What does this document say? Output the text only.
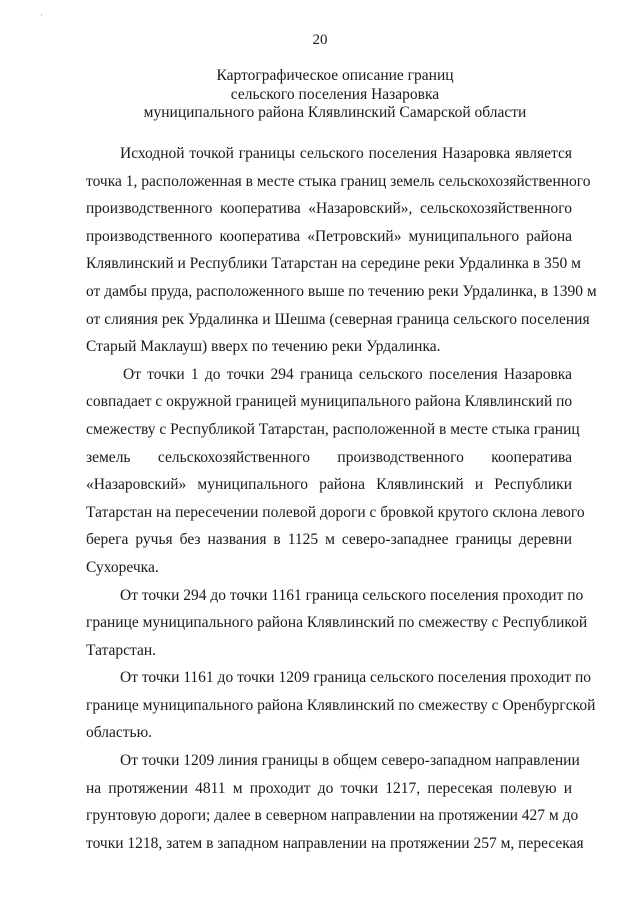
·
20
Картографическое описание границ
сельского поселения Назаровка
муниципального района Клявлинский Самарской области
Исходной точкой границы сельского поселения Назаровка является
точка 1, расположенная в месте стыка границ земель сельскохозяйственного
производственного кооператива «Назаровский», сельскохозяйственного
производственного кооператива «Петровский» муниципального района
Клявлинский и Республики Татарстан на середине реки Урдалинка в 350 м
от дамбы пруда, расположенного выше по течению реки Урдалинка, в 1390 м
от слияния рек Урдалинка и Шешма (северная граница сельского поселения
Старый Маклауш) вверх по течению реки Урдалинка.
От точки 1 до точки 294 граница сельского поселения Назаровка
совпадает с окружной границей муниципального района Клявлинский по
смежеству с Республикой Татарстан, расположенной в месте стыка границ
земель сельскохозяйственного производственного кооператива
«Назаровский» муниципального района Клявлинский и Республики
Татарстан на пересечении полевой дороги с бровкой крутого склона левого
берега ручья без названия в 1125 м северо-западнее границы деревни
Сухоречка.
От точки 294 до точки 1161 граница сельского поселения проходит по
границе муниципального района Клявлинский по смежеству с Республикой
Татарстан.
От точки 1161 до точки 1209 граница сельского поселения проходит по
границе муниципального района Клявлинский по смежеству с Оренбургской
областью.
От точки 1209 линия границы в общем северо-западном направлении
на протяжении 4811 м проходит до точки 1217, пересекая полевую и
грунтовую дороги; далее в северном направлении на протяжении 427 м до
точки 1218, затем в западном направлении на протяжении 257 м, пересекая
